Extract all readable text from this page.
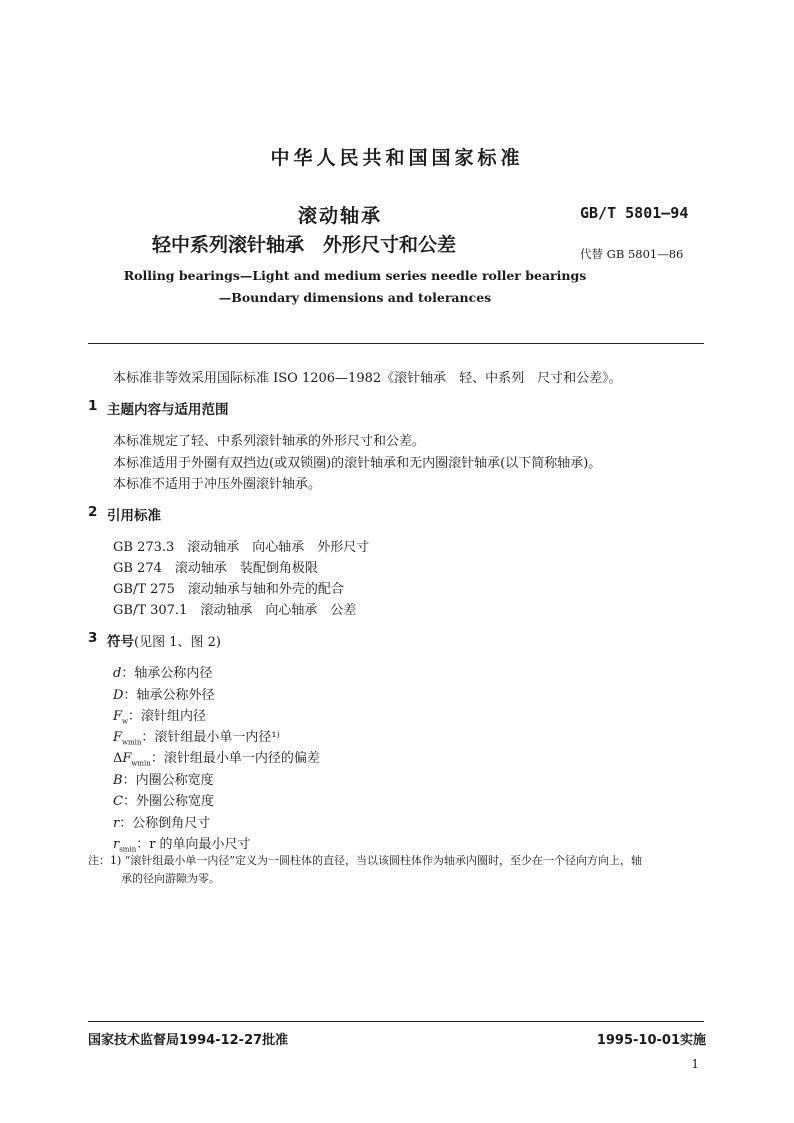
中华人民共和国国家标准
滚动轴承
轻中系列滚针轴承　外形尺寸和公差
GB/T 5801—94
代替 GB 5801—86
Rolling bearings—Light and medium series needle roller bearings
—Boundary dimensions and tolerances
本标准非等效采用国际标准 ISO 1206—1982《滚针轴承　轻、中系列　尺寸和公差》。
1 主题内容与适用范围
本标准规定了轻、中系列滚针轴承的外形尺寸和公差。
本标准适用于外圈有双挡边(或双锁圈)的滚针轴承和无内圈滚针轴承(以下简称轴承)。
本标准不适用于冲压外圈滚针轴承。
2 引用标准
GB 273.3　滚动轴承　向心轴承　外形尺寸
GB 274　滚动轴承　装配倒角极限
GB/T 275　滚动轴承与轴和外壳的配合
GB/T 307.1　滚动轴承　向心轴承　公差
3 符号(见图 1、图 2)
d：轴承公称内径
D：轴承公称外径
$F_w$：滚针组内径
$F_{wmin}$：滚针组最小单一内径¹⁾
$\Delta F_{wmin}$：滚针组最小单一内径的偏差
B：内圈公称宽度
C：外圈公称宽度
r：公称倒角尺寸
$r_{smin}$：r 的单向最小尺寸
注：1) “滚针组最小单一内径”定义为一圆柱体的直径，当以该圆柱体作为轴承内圈时，至少在一个径向方向上，轴
承的径向游隙为零。
国家技术监督局1994-12-27批准	1995-10-01实施
1
